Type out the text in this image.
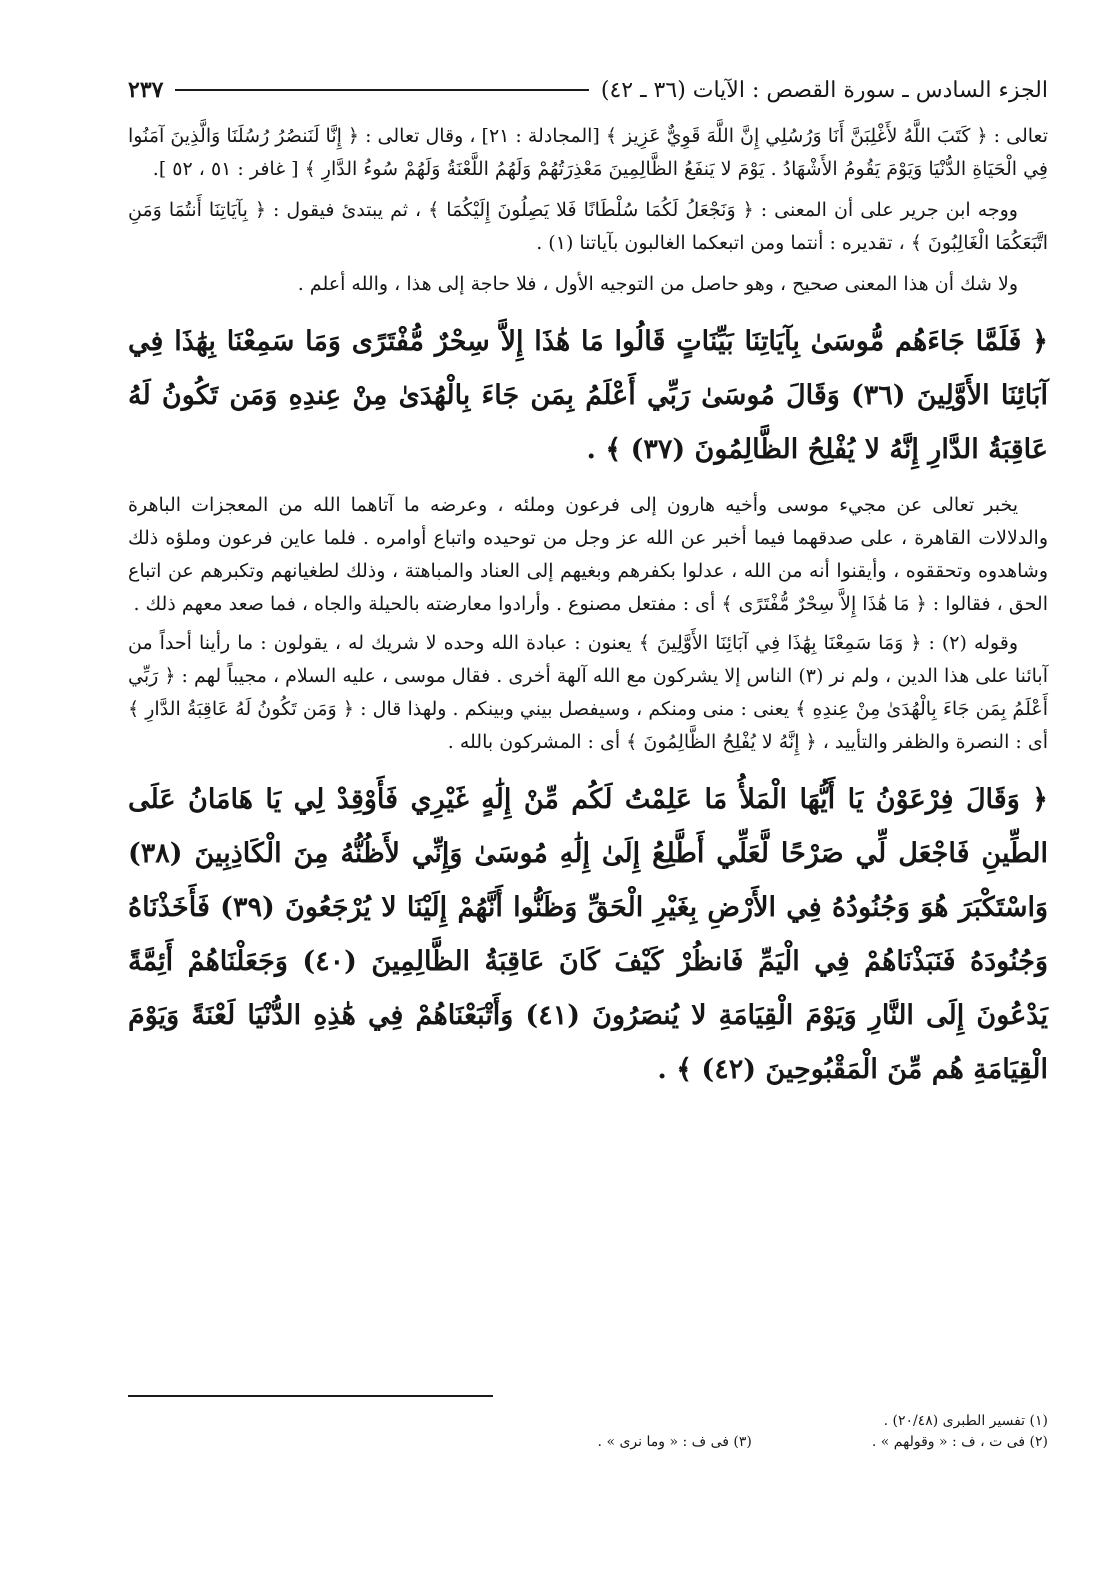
الجزء السادس ـ سورة القصص : الآيات (٣٦ ـ ٤٢)
٢٣٧

تعالى : ﴿ كَتَبَ اللَّهُ لأَغْلِبَنَّ أَنَا وَرُسُلِي إِنَّ اللَّهَ قَوِيٌّ عَزِيز ﴾ [المجادلة : ٢١] ، وقال تعالى : ﴿ إِنَّا لَنَنصُرُ رُسُلَنَا وَالَّذِينَ آمَنُوا فِي الْحَيَاةِ الدُّنْيَا وَيَوْمَ يَقُومُ الأَشْهَادُ . يَوْمَ لا يَنفَعُ الظَّالِمِينَ مَعْذِرَتُهُمْ وَلَهُمُ اللَّعْنَةُ وَلَهُمْ سُوءُ الدَّارِ ﴾ [ غافر : ٥١ ، ٥٢ ].

ووجه ابن جرير على أن المعنى : ﴿ وَنَجْعَلُ لَكُمَا سُلْطَانًا فَلا يَصِلُونَ إِلَيْكُمَا ﴾ ، ثم يبتدئ فيقول : ﴿ بِآيَاتِنَا أَنتُمَا وَمَنِ اتَّبَعَكُمَا الْغَالِبُونَ ﴾ ، تقديره : أنتما ومن اتبعكما الغالبون بآياتنا (١) .

ولا شك أن هذا المعنى صحيح ، وهو حاصل من التوجيه الأول ، فلا حاجة إلى هذا ، والله أعلم .

﴿ فَلَمَّا جَاءَهُم مُّوسَىٰ بِآيَاتِنَا بَيِّنَاتٍ قَالُوا مَا هَٰذَا إِلاَّ سِحْرٌ مُّفْتَرًى وَمَا سَمِعْنَا بِهَٰذَا فِي آبَائِنَا الأَوَّلِينَ (٣٦) وَقَالَ مُوسَىٰ رَبِّي أَعْلَمُ بِمَن جَاءَ بِالْهُدَىٰ مِنْ عِندِهِ وَمَن تَكُونُ لَهُ عَاقِبَةُ الدَّارِ إِنَّهُ لا يُفْلِحُ الظَّالِمُونَ (٣٧) ﴾ .

يخبر تعالى عن مجيء موسى وأخيه هارون إلى فرعون وملئه ، وعرضه ما آتاهما الله من المعجزات الباهرة والدلالات القاهرة ، على صدقهما فيما أخبر عن الله عز وجل من توحيده واتباع أوامره . فلما عاين فرعون وملؤه ذلك وشاهدوه وتحققوه ، وأيقنوا أنه من الله ، عدلوا بكفرهم وبغيهم إلى العناد والمباهتة ، وذلك لطغيانهم وتكبرهم عن اتباع الحق ، فقالوا : ﴿ مَا هَٰذَا إِلاَّ سِحْرٌ مُّفْتَرًى ﴾ أى : مفتعل مصنوع . وأرادوا معارضته بالحيلة والجاه ، فما صعد معهم ذلك .

وقوله (٢) : ﴿ وَمَا سَمِعْنَا بِهَٰذَا فِي آبَائِنَا الأَوَّلِينَ ﴾ يعنون : عبادة الله وحده لا شريك له ، يقولون : ما رأينا أحداً من آبائنا على هذا الدين ، ولم نر (٣) الناس إلا يشركون مع الله آلهة أخرى . فقال موسى ، عليه السلام ، مجيباً لهم : ﴿ رَبِّي أَعْلَمُ بِمَن جَاءَ بِالْهُدَىٰ مِنْ عِندِهِ ﴾ يعنى : منى ومنكم ، وسيفصل بيني وبينكم . ولهذا قال : ﴿ وَمَن تَكُونُ لَهُ عَاقِبَةُ الدَّارِ ﴾ أى : النصرة والظفر والتأييد ، ﴿ إِنَّهُ لا يُفْلِحُ الظَّالِمُونَ ﴾ أى : المشركون بالله .

﴿ وَقَالَ فِرْعَوْنُ يَا أَيُّهَا الْمَلأُ مَا عَلِمْتُ لَكُم مِّنْ إِلَٰهٍ غَيْرِي فَأَوْقِدْ لِي يَا هَامَانُ عَلَى الطِّينِ فَاجْعَل لِّي صَرْحًا لَّعَلِّي أَطَّلِعُ إِلَىٰ إِلَٰهِ مُوسَىٰ وَإِنِّي لأَظُنُّهُ مِنَ الْكَاذِبِينَ (٣٨) وَاسْتَكْبَرَ هُوَ وَجُنُودُهُ فِي الأَرْضِ بِغَيْرِ الْحَقِّ وَظَنُّوا أَنَّهُمْ إِلَيْنَا لا يُرْجَعُونَ (٣٩) فَأَخَذْنَاهُ وَجُنُودَهُ فَنَبَذْنَاهُمْ فِي الْيَمِّ فَانظُرْ كَيْفَ كَانَ عَاقِبَةُ الظَّالِمِينَ (٤٠) وَجَعَلْنَاهُمْ أَئِمَّةً يَدْعُونَ إِلَى النَّارِ وَيَوْمَ الْقِيَامَةِ لا يُنصَرُونَ (٤١) وَأَتْبَعْنَاهُمْ فِي هَٰذِهِ الدُّنْيَا لَعْنَةً وَيَوْمَ الْقِيَامَةِ هُم مِّنَ الْمَقْبُوحِينَ (٤٢) ﴾ .

(١) تفسير الطبرى (٢٠/٤٨) .

(٢) فى ت ، ف : « وقولهم » .
(٣) فى ف : « وما نرى » .
